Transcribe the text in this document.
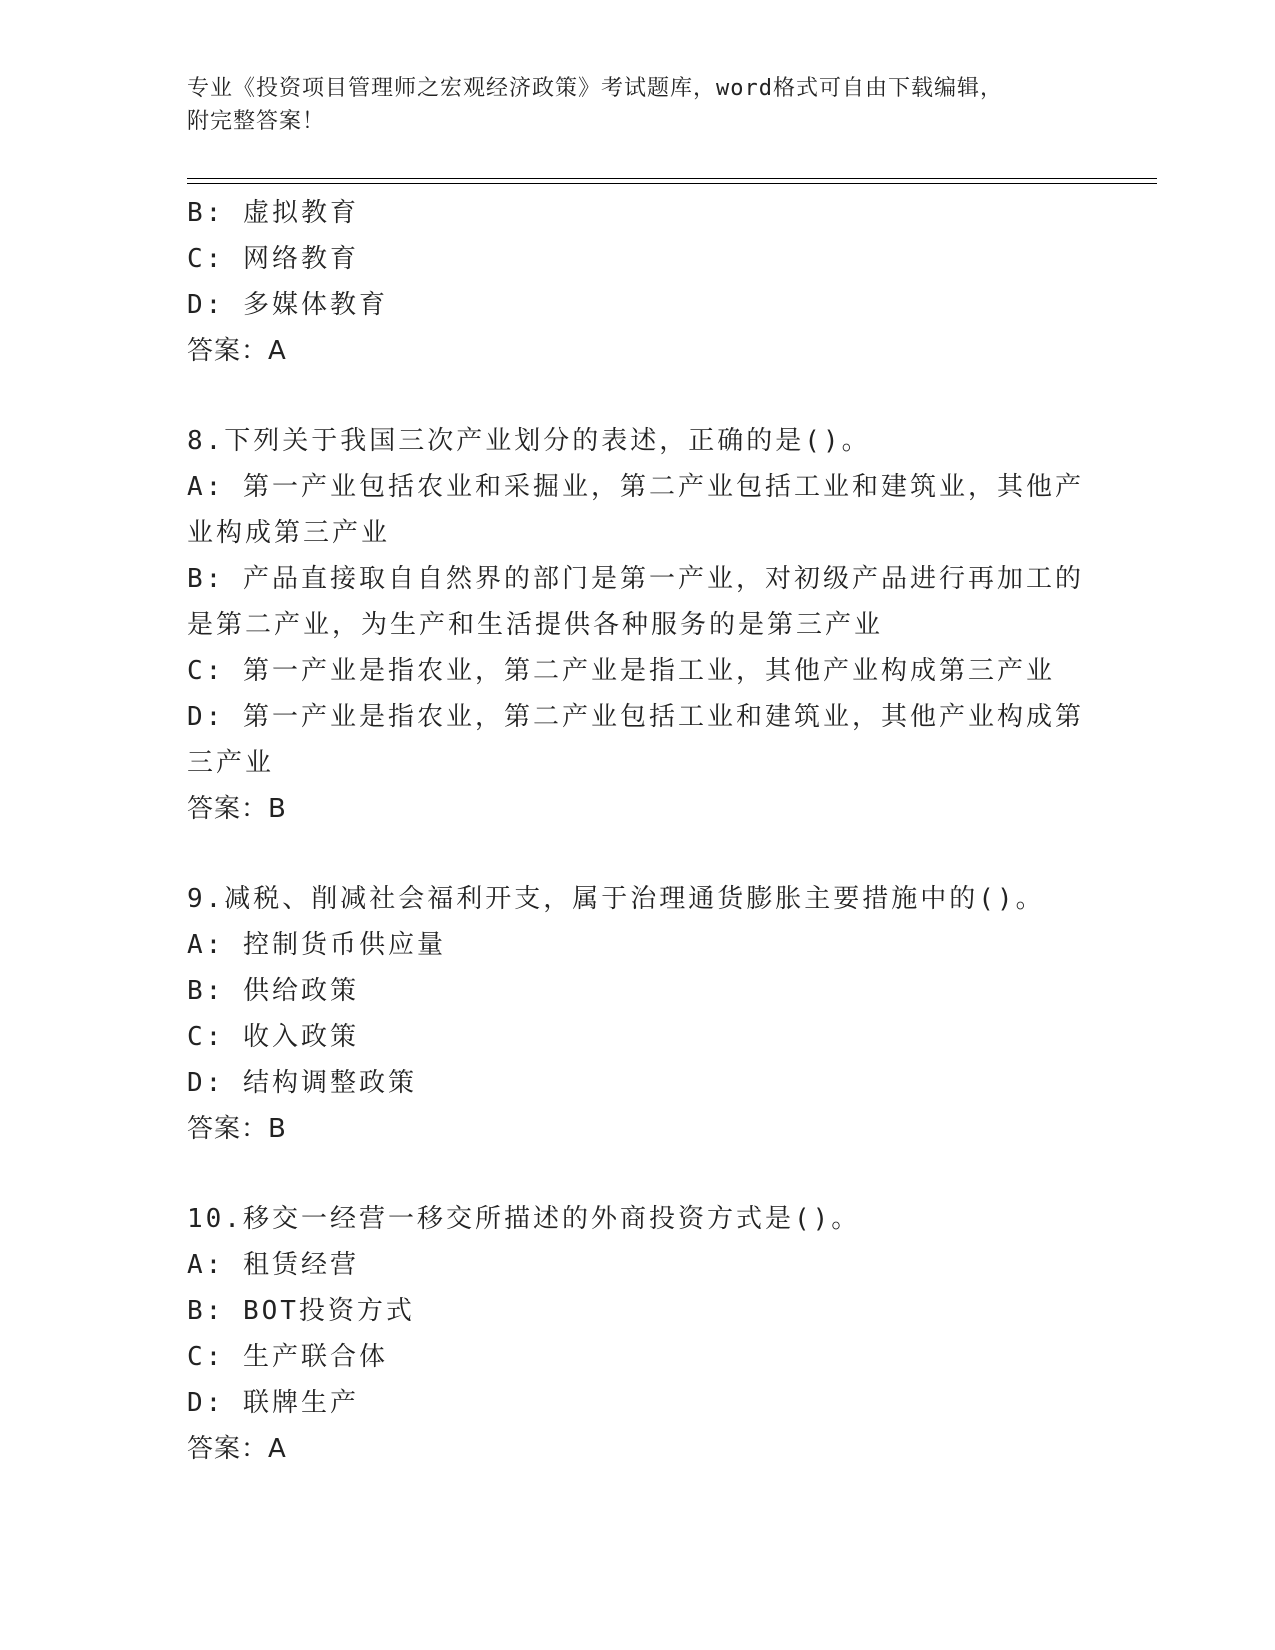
专业《投资项目管理师之宏观经济政策》考试题库，word格式可自由下载编辑，
附完整答案！
B: 虚拟教育
C: 网络教育
D: 多媒体教育
答案：A
8.下列关于我国三次产业划分的表述，正确的是()。
A: 第一产业包括农业和采掘业，第二产业包括工业和建筑业，其他产
业构成第三产业
B: 产品直接取自自然界的部门是第一产业，对初级产品进行再加工的
是第二产业，为生产和生活提供各种服务的是第三产业
C: 第一产业是指农业，第二产业是指工业，其他产业构成第三产业
D: 第一产业是指农业，第二产业包括工业和建筑业，其他产业构成第
三产业
答案：B
9.减税、削减社会福利开支，属于治理通货膨胀主要措施中的()。
A: 控制货币供应量
B: 供给政策
C: 收入政策
D: 结构调整政策
答案：B
10.移交一经营一移交所描述的外商投资方式是()。
A: 租赁经营
B: BOT投资方式
C: 生产联合体
D: 联牌生产
答案：A
